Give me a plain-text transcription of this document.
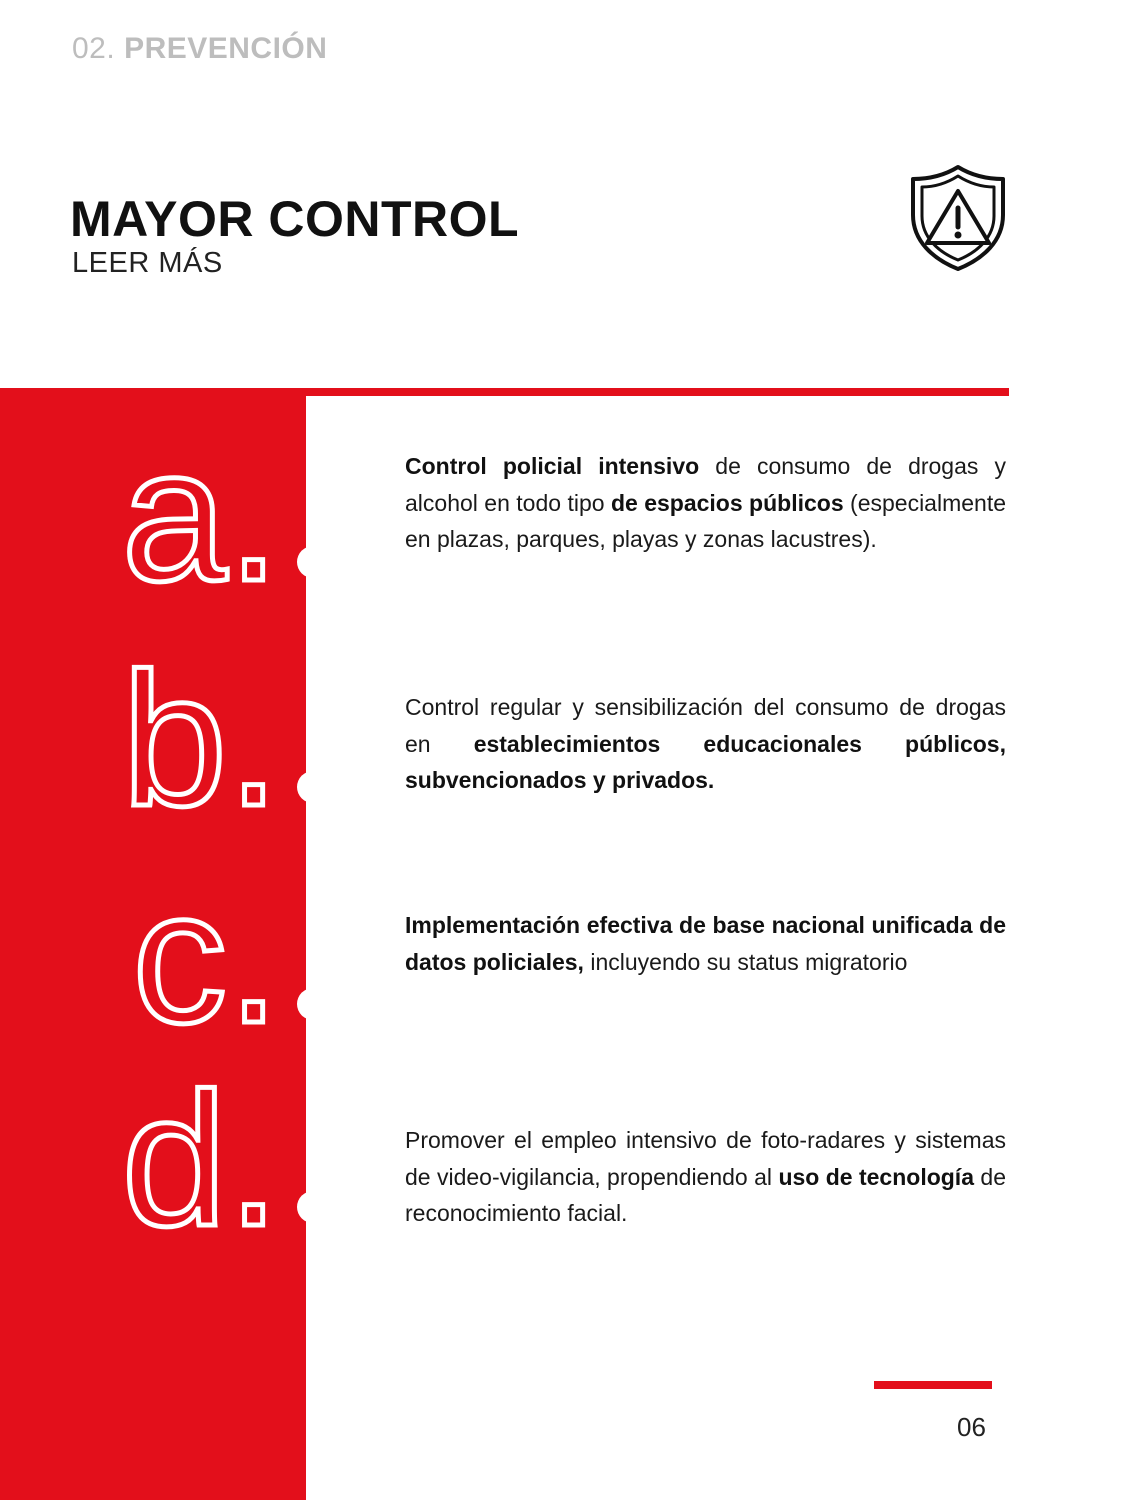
02. PREVENCIÓN
MAYOR CONTROL
LEER MÁS
a.
b.
c.
d.

Control policial intensivo de consumo de drogas y alcohol en todo tipo de espacios públicos (especialmente en plazas, parques, playas y zonas lacustres).

Control regular y sensibilización del consumo de drogas en establecimientos educacionales públicos, subvencionados y privados.

Implementación efectiva de base nacional unificada de datos policiales, incluyendo su status migratorio

Promover el empleo intensivo de foto-radares y sistemas de video-vigilancia, propendiendo al uso de tecnología de reconocimiento facial.

06
